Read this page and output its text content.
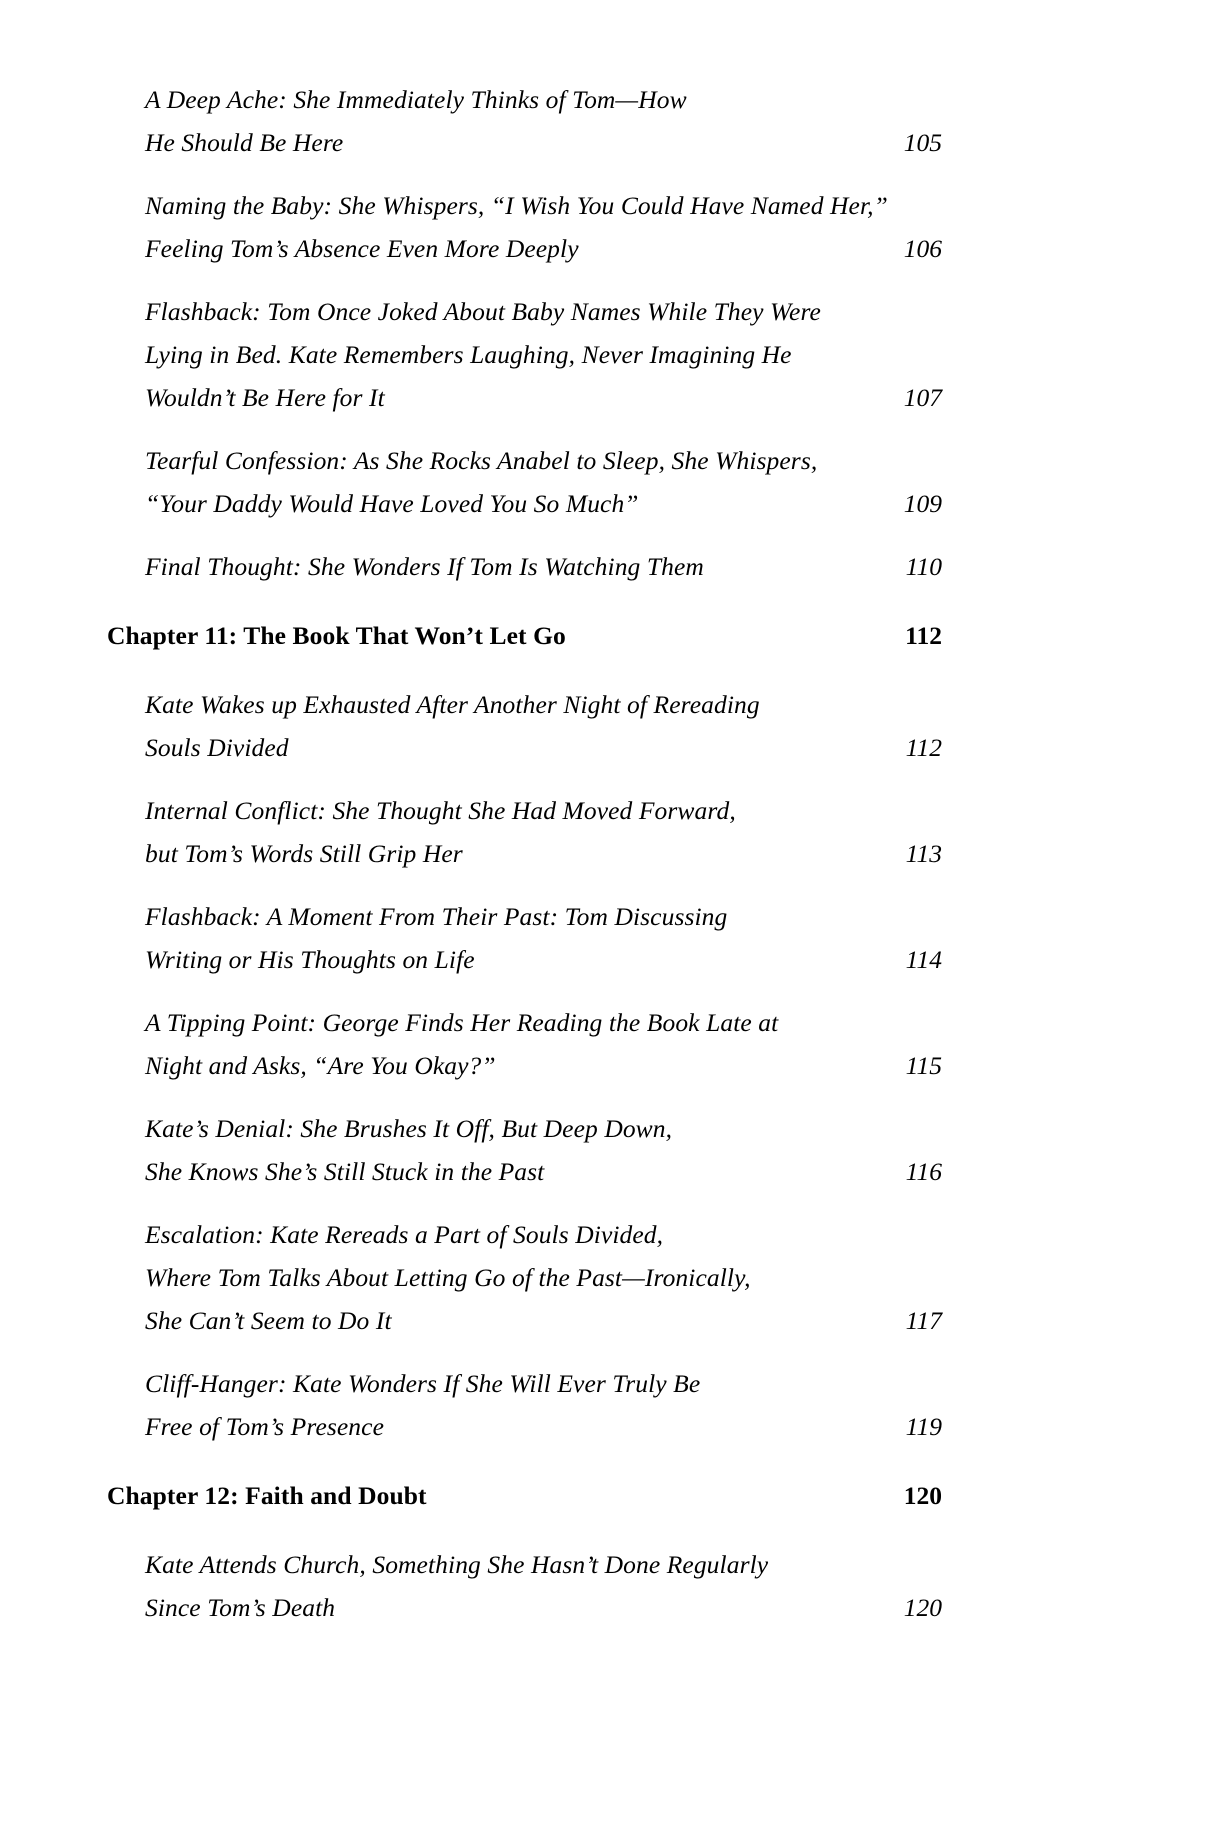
A Deep Ache: She Immediately Thinks of Tom—How
He Should Be Here	105
Naming the Baby: She Whispers, “I Wish You Could Have Named Her,”
Feeling Tom’s Absence Even More Deeply	106
Flashback: Tom Once Joked About Baby Names While They Were
Lying in Bed. Kate Remembers Laughing, Never Imagining He
Wouldn’t Be Here for It	107
Tearful Confession: As She Rocks Anabel to Sleep, She Whispers,
“Your Daddy Would Have Loved You So Much”	109
Final Thought: She Wonders If Tom Is Watching Them	110
Chapter 11: The Book That Won’t Let Go	112
Kate Wakes up Exhausted After Another Night of Rereading
Souls Divided	112
Internal Conflict: She Thought She Had Moved Forward,
but Tom’s Words Still Grip Her	113
Flashback: A Moment From Their Past: Tom Discussing
Writing or His Thoughts on Life	114
A Tipping Point: George Finds Her Reading the Book Late at
Night and Asks, “Are You Okay?”	115
Kate’s Denial: She Brushes It Off, But Deep Down,
She Knows She’s Still Stuck in the Past	116
Escalation: Kate Rereads a Part of Souls Divided,
Where Tom Talks About Letting Go of the Past—Ironically,
She Can’t Seem to Do It	117
Cliff-Hanger: Kate Wonders If She Will Ever Truly Be
Free of Tom’s Presence	119
Chapter 12: Faith and Doubt	120
Kate Attends Church, Something She Hasn’t Done Regularly
Since Tom’s Death	120
